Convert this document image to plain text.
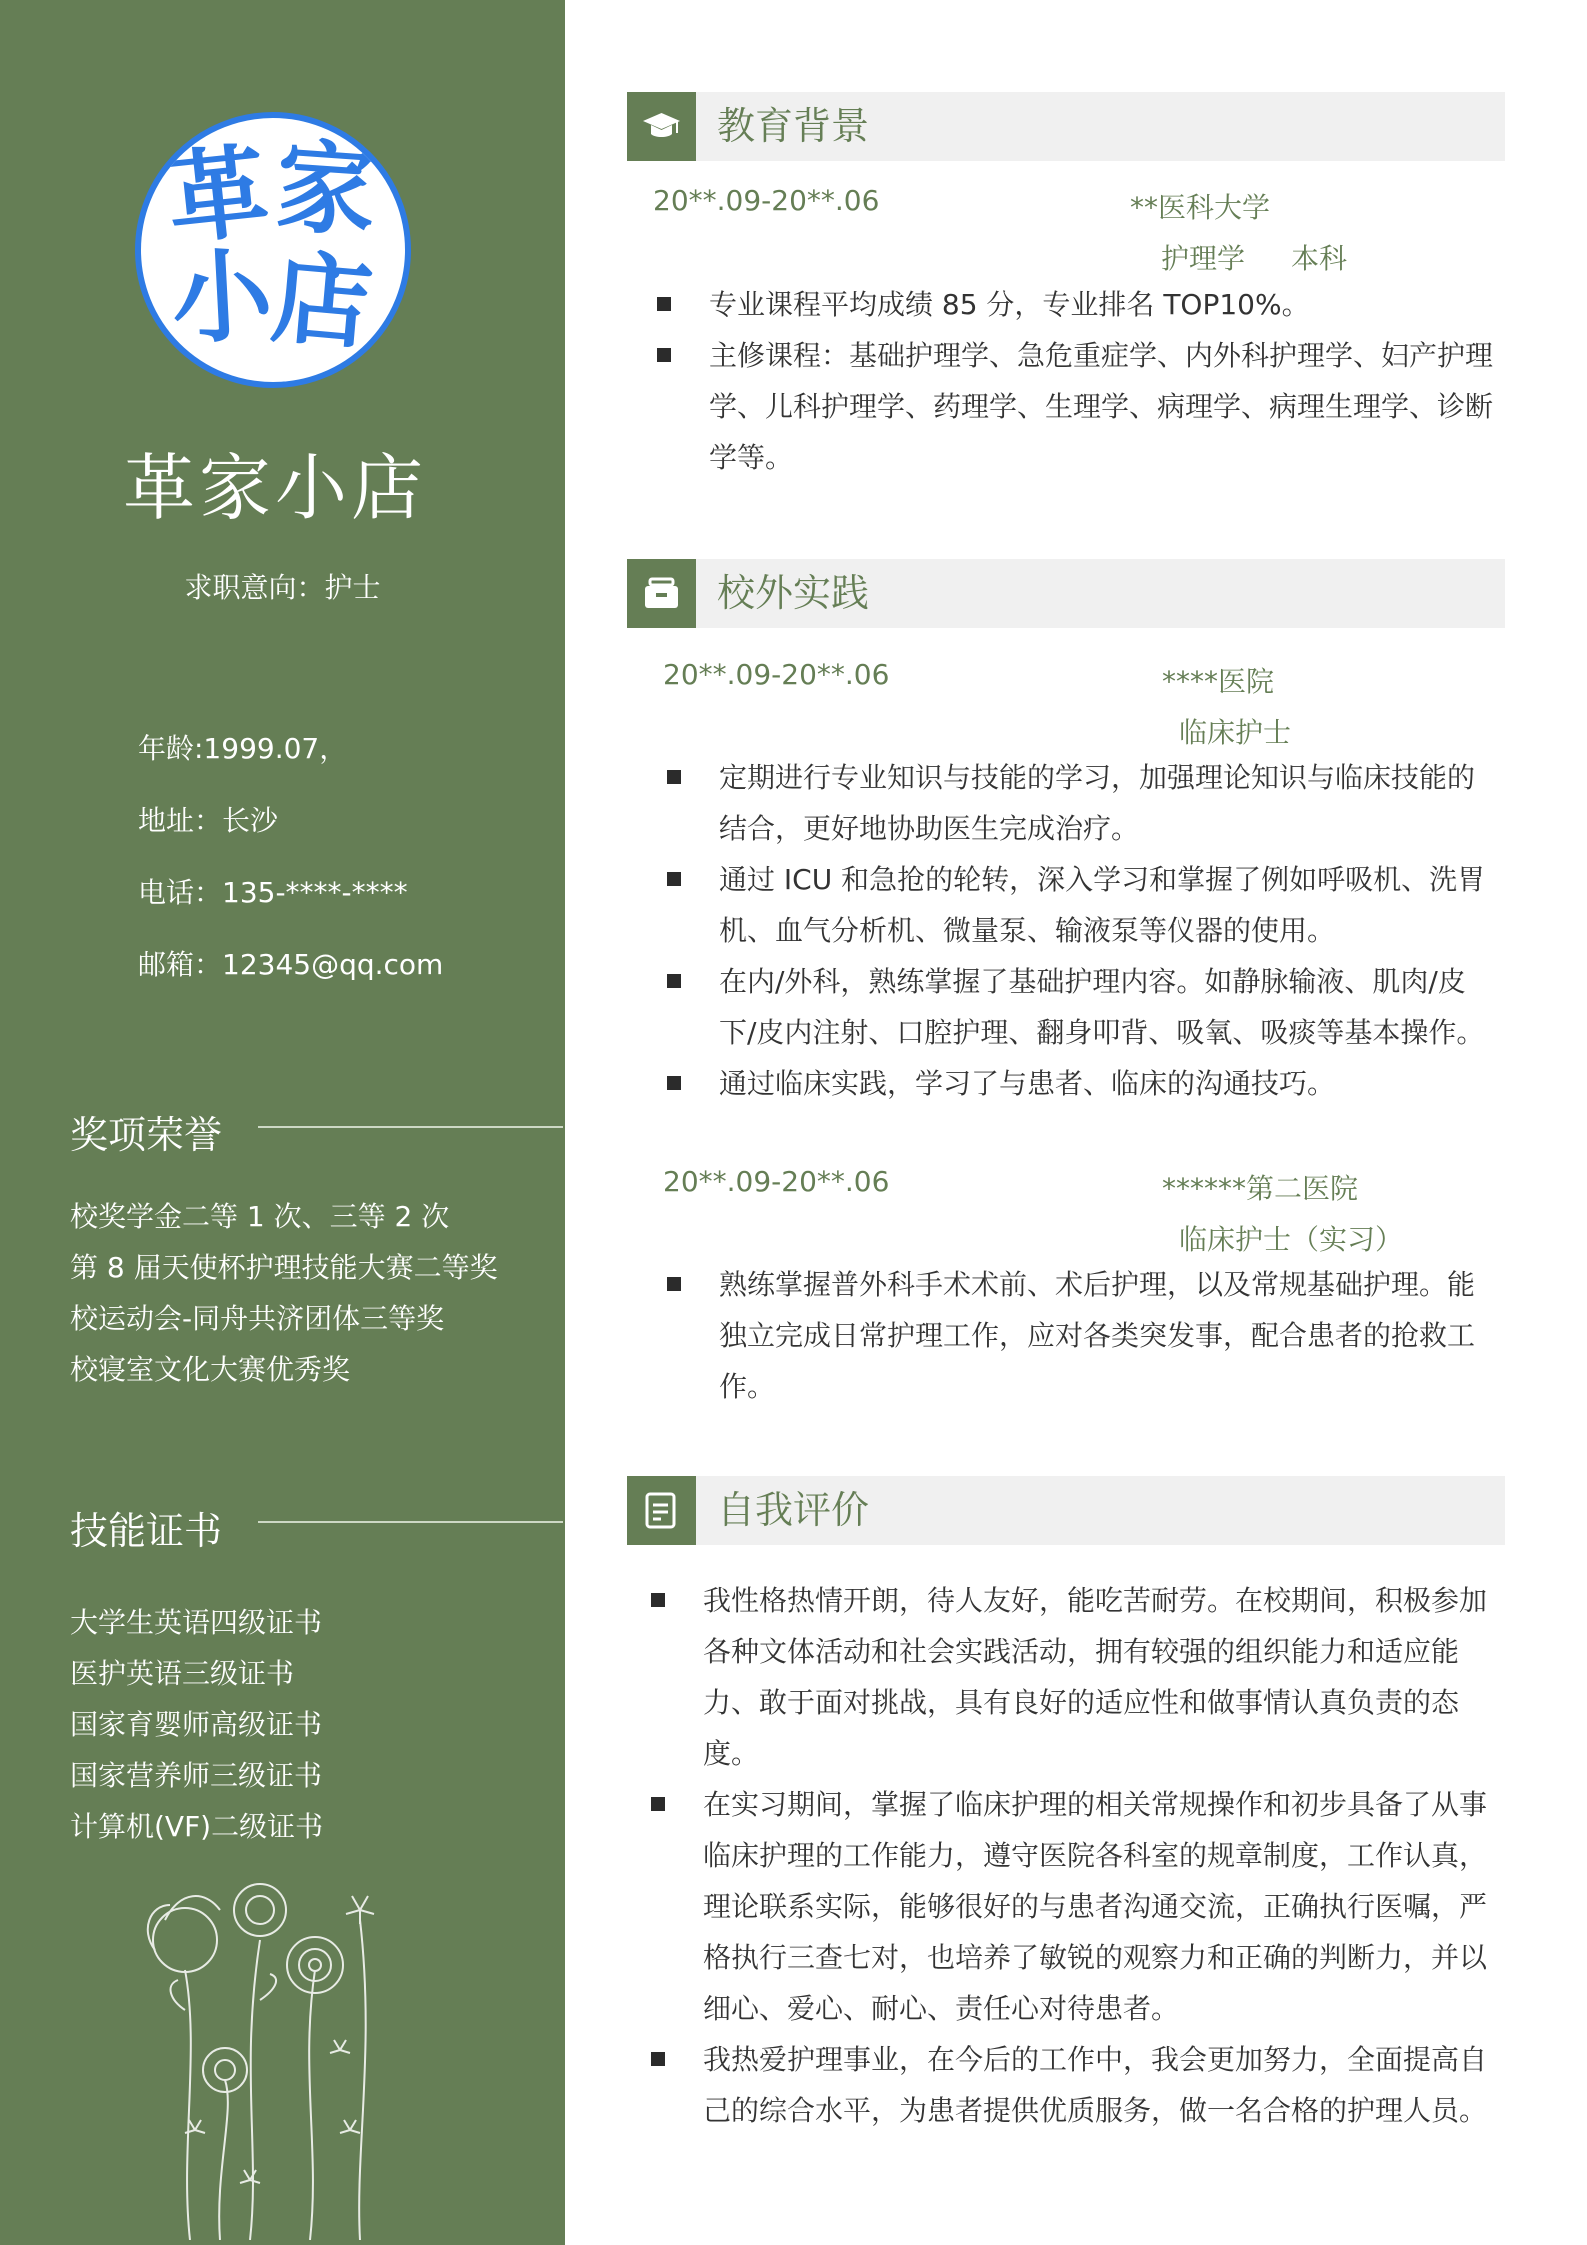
革
家
小
店
革家小店
求职意向：护士
年龄:1999.07，
地址：长沙
电话：135-****-****
邮箱：12345@qq.com
奖项荣誉
校奖学金二等 1 次、三等 2 次
第 8 届天使杯护理技能大赛二等奖
校运动会-同舟共济团体三等奖
校寝室文化大赛优秀奖
技能证书
大学生英语四级证书
医护英语三级证书
国家育婴师高级证书
国家营养师三级证书
计算机(VF)二级证书
教育背景
20**.09-20**.06	**医科大学
护理学 本科
专业课程平均成绩 85 分，专业排名 TOP10%。
主修课程：基础护理学、急危重症学、内外科护理学、妇产护理学、儿科护理学、药理学、生理学、病理学、病理生理学、诊断学等。
校外实践
20**.09-20**.06	****医院
临床护士
定期进行专业知识与技能的学习，加强理论知识与临床技能的结合，更好地协助医生完成治疗。
通过 ICU 和急抢的轮转，深入学习和掌握了例如呼吸机、洗胃机、血气分析机、微量泵、输液泵等仪器的使用。
在内/外科，熟练掌握了基础护理内容。如静脉输液、肌肉/皮下/皮内注射、口腔护理、翻身叩背、吸氧、吸痰等基本操作。
通过临床实践，学习了与患者、临床的沟通技巧。
20**.09-20**.06	******第二医院
临床护士（实习）
熟练掌握普外科手术术前、术后护理，以及常规基础护理。能独立完成日常护理工作，应对各类突发事，配合患者的抢救工作。
自我评价
我性格热情开朗，待人友好，能吃苦耐劳。在校期间，积极参加各种文体活动和社会实践活动，拥有较强的组织能力和适应能力、敢于面对挑战，具有良好的适应性和做事情认真负责的态度。
在实习期间，掌握了临床护理的相关常规操作和初步具备了从事临床护理的工作能力，遵守医院各科室的规章制度，工作认真，理论联系实际，能够很好的与患者沟通交流，正确执行医嘱，严格执行三查七对，也培养了敏锐的观察力和正确的判断力，并以细心、爱心、耐心、责任心对待患者。
我热爱护理事业，在今后的工作中，我会更加努力，全面提高自己的综合水平，为患者提供优质服务，做一名合格的护理人员。
